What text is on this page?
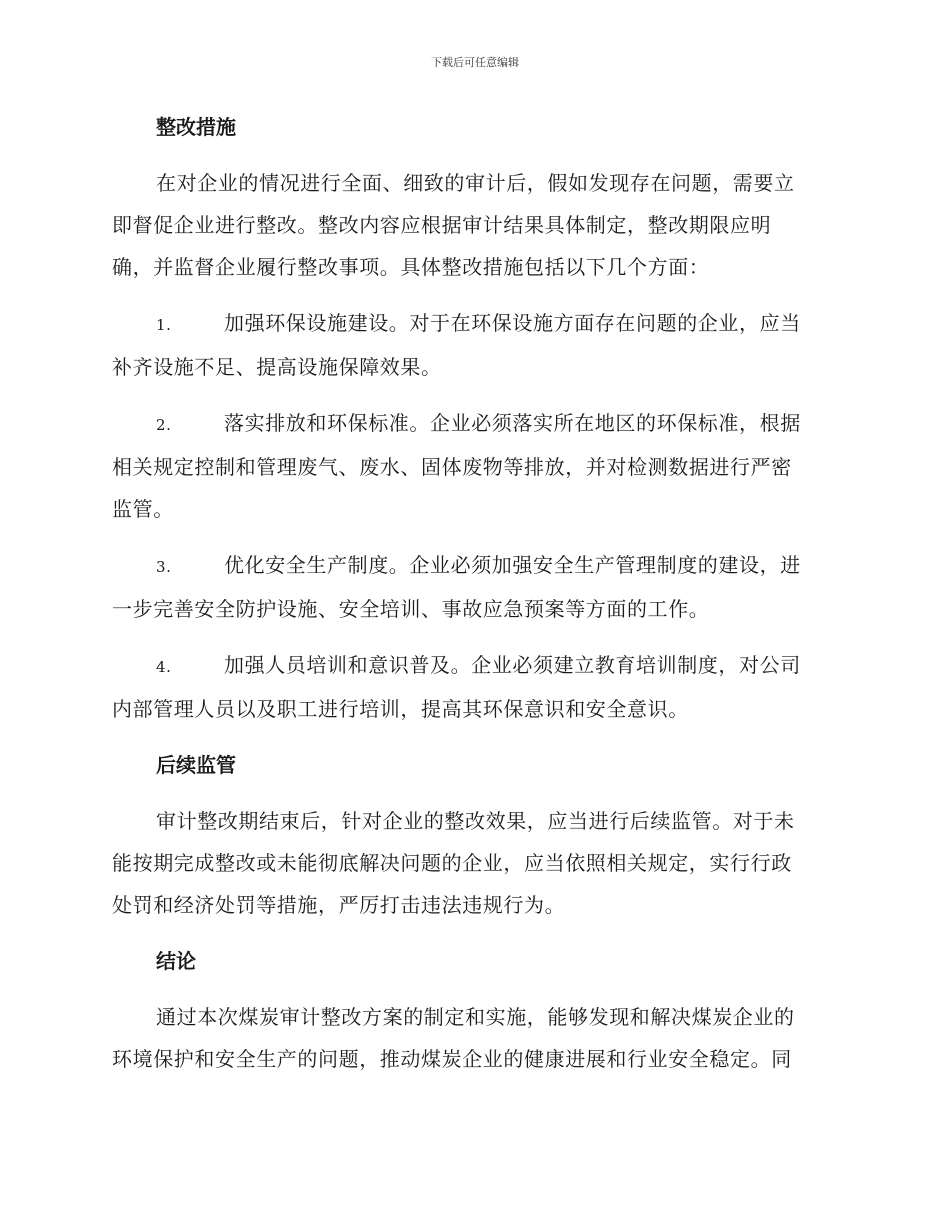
下载后可任意编辑
整改措施

在对企业的情况进行全面、细致的审计后，假如发现存在问题，需要立
即督促企业进行整改。整改内容应根据审计结果具体制定，整改期限应明
确，并监督企业履行整改事项。具体整改措施包括以下几个方面：

1.	加强环保设施建设。对于在环保设施方面存在问题的企业，应当
补齐设施不足、提高设施保障效果。
2.	落实排放和环保标准。企业必须落实所在地区的环保标准，根据
相关规定控制和管理废气、废水、固体废物等排放，并对检测数据进行严密
监管。
3.	优化安全生产制度。企业必须加强安全生产管理制度的建设，进
一步完善安全防护设施、安全培训、事故应急预案等方面的工作。
4.	加强人员培训和意识普及。企业必须建立教育培训制度，对公司
内部管理人员以及职工进行培训，提高其环保意识和安全意识。
后续监管

审计整改期结束后，针对企业的整改效果，应当进行后续监管。对于未
能按期完成整改或未能彻底解决问题的企业，应当依照相关规定，实行行政
处罚和经济处罚等措施，严厉打击违法违规行为。

结论

通过本次煤炭审计整改方案的制定和实施，能够发现和解决煤炭企业的
环境保护和安全生产的问题，推动煤炭企业的健康进展和行业安全稳定。同
